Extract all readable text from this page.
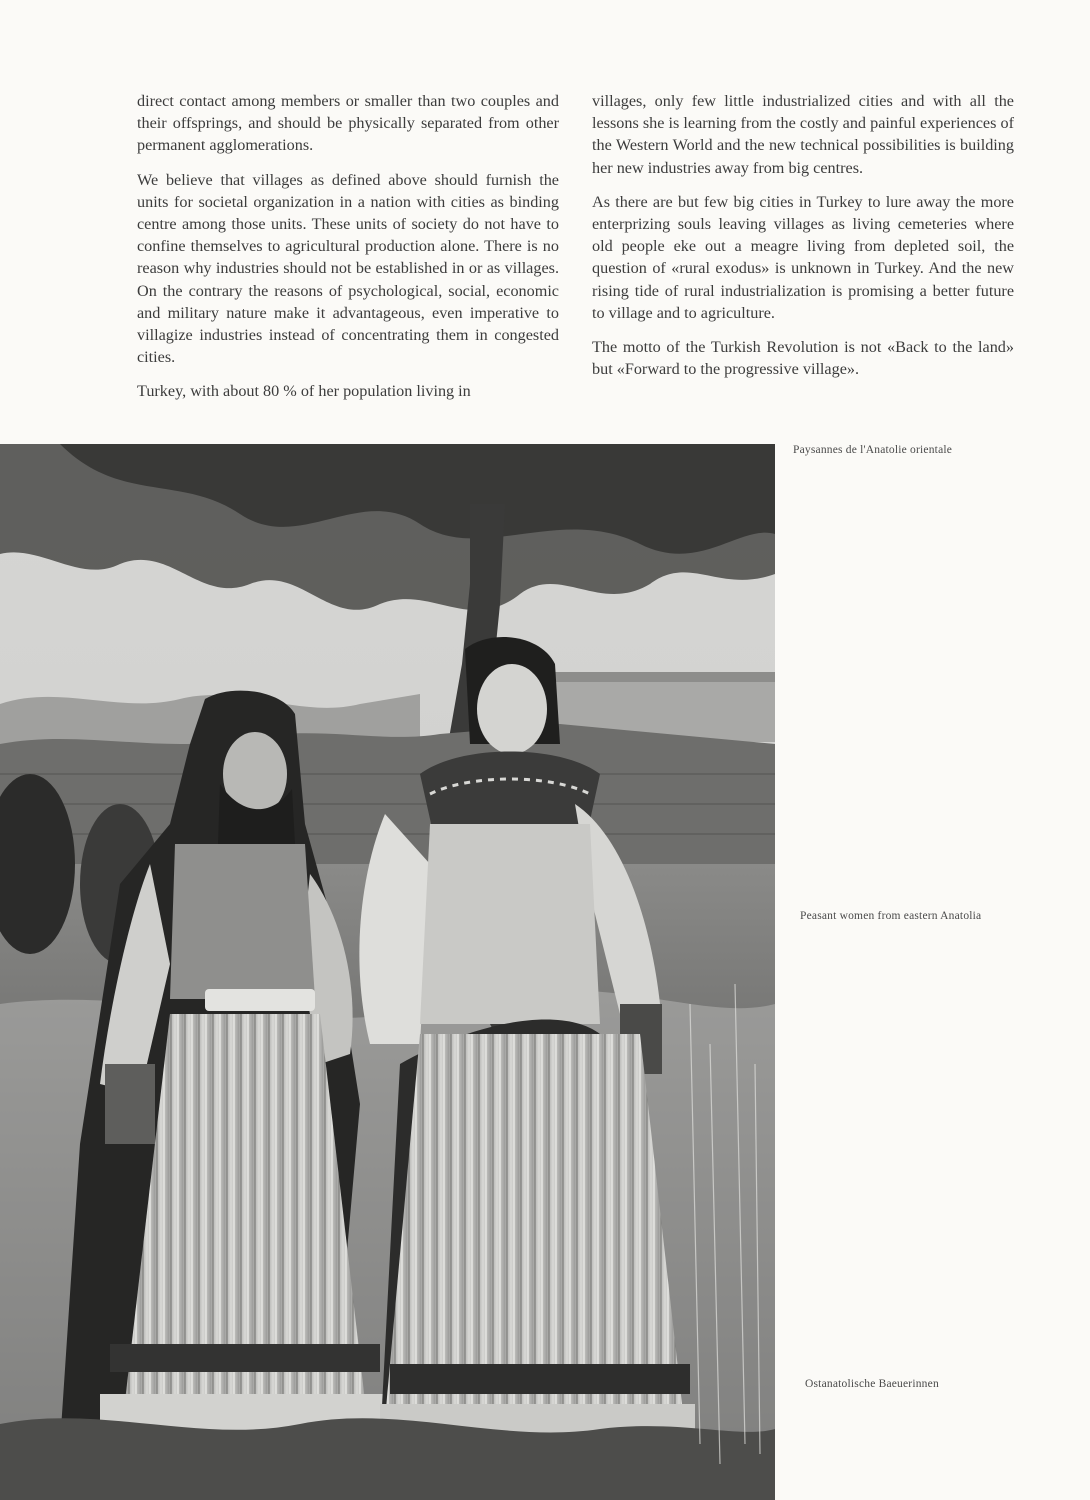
direct contact among members or smaller than two couples and their offsprings, and should be physically separated from other permanent agglomerations.

We believe that villages as defined above should furnish the units for societal organization in a nation with cities as binding centre among those units. These units of society do not have to confine themselves to agricultural production alone. There is no reason why industries should not be established in or as villages. On the contrary the reasons of psychological, social, economic and military nature make it advantageous, even imperative to villagize industries instead of concentrating them in congested cities.

Turkey, with about 80 % of her population living in

villages, only few little industrialized cities and with all the lessons she is learning from the costly and painful experiences of the Western World and the new technical possibilities is building her new industries away from big centres.

As there are but few big cities in Turkey to lure away the more enterprizing souls leaving villages as living cemeteries where old people eke out a meagre living from depleted soil, the question of «rural exodus» is unknown in Turkey. And the new rising tide of rural industrialization is promising a better future to village and to agriculture.

The motto of the Turkish Revolution is not «Back to the land» but «Forward to the progressive village».

Paysannes de l'Anatolie orientale
Peasant women from eastern Anatolia
Ostanatolische Baeuerinnen
